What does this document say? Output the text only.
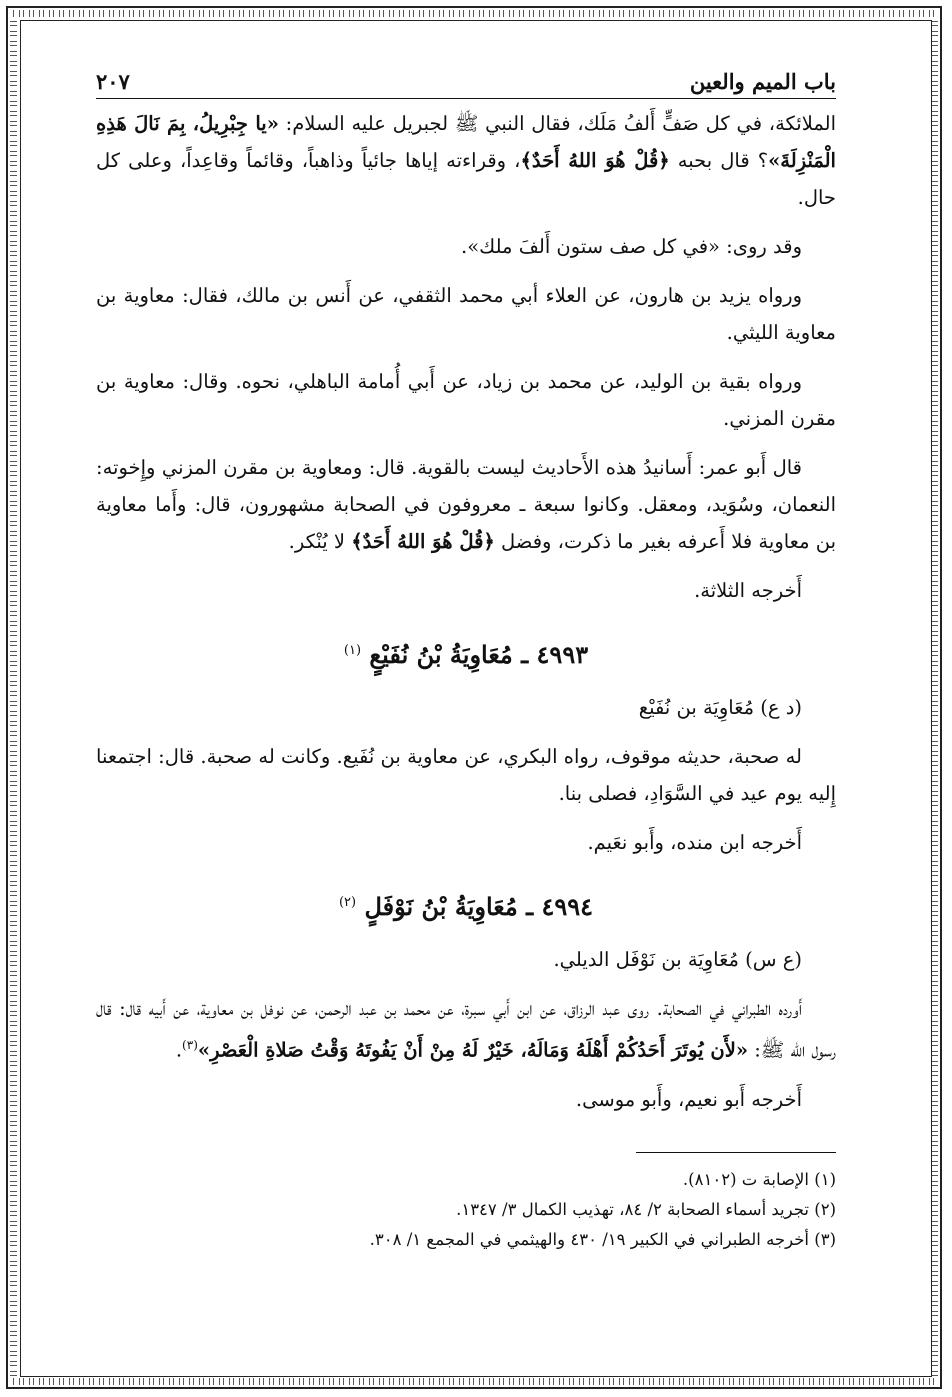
باب الميم والعين
٢٠٧

الملائكة، في كل صَفٍّ أَلفُ مَلَك، فقال النبي ﷺ لجبريل عليه السلام: «يا جِبْرِيلُ، بِمَ نَالَ هَذِهِ الْمَنْزِلَةَ»؟ قال بحبه ﴿قُلْ هُوَ اللهُ أَحَدٌ﴾، وقراءته إياها جائياً وذاهباً، وقائماً وقاعِداً، وعلى كل حال.

وقد روى: «في كل صف ستون أَلفَ ملك».

ورواه يزيد بن هارون، عن العلاء أبي محمد الثقفي، عن أَنس بن مالك، فقال: معاوية بن معاوية الليثي.

ورواه بقية بن الوليد، عن محمد بن زياد، عن أَبي أُمامة الباهلي، نحوه. وقال: معاوية بن مقرن المزني.

قال أَبو عمر: أَسانيدُ هذه الأَحاديث ليست بالقوية. قال: ومعاوية بن مقرن المزني وإِخوته: النعمان، وسُوَيد، ومعقل. وكانوا سبعة ـ معروفون في الصحابة مشهورون، قال: وأَما معاوية بن معاوية فلا أَعرفه بغير ما ذكرت، وفضل ﴿قُلْ هُوَ اللهُ أَحَدٌ﴾ لا يُنْكر.

أَخرجه الثلاثة.

٤٩٩٣ ـ مُعَاوِيَةُ بْنُ نُفَيْعٍ $^{(١)}$

(د ع) مُعَاوِيَة بن نُفَيْع

له صحبة، حديثه موقوف، رواه البكري، عن معاوية بن نُفَيع. وكانت له صحبة. قال: اجتمعنا إِليه يوم عيد في السَّوَادِ، فصلى بنا.

أَخرجه ابن منده، وأَبو نعَيم.

٤٩٩٤ ـ مُعَاوِيَةُ بْنُ نَوْفَلٍ $^{(٢)}$

(ع س) مُعَاوِيَة بن نَوْفَل الديلي.

أَورده الطبراني في الصحابة. روى عبد الرزاق، عن ابن أَبي سبرة، عن محمد بن عبد الرحمن، عن نوفل بن معاوية، عن أَبيه قال: قال رسول الله ﷺ: «لأَن يُوتَرَ أَحَدُكُمْ أَهْلَهُ وَمَالَهُ، خَيْرٌ لَهُ مِنْ أَنْ يَفُوتَهُ وَقْتُ صَلاةِ الْعَصْرِ»$^{(٣)}$.

أَخرجه أَبو نعيم، وأَبو موسى.

(١) الإصابة ت (٨١٠٢).

(٢) تجريد أسماء الصحابة ٢/ ٨٤، تهذيب الكمال ٣/ ١٣٤٧.

(٣) أخرجه الطبراني في الكبير ١٩/ ٤٣٠ والهيثمي في المجمع ١/ ٣٠٨.
